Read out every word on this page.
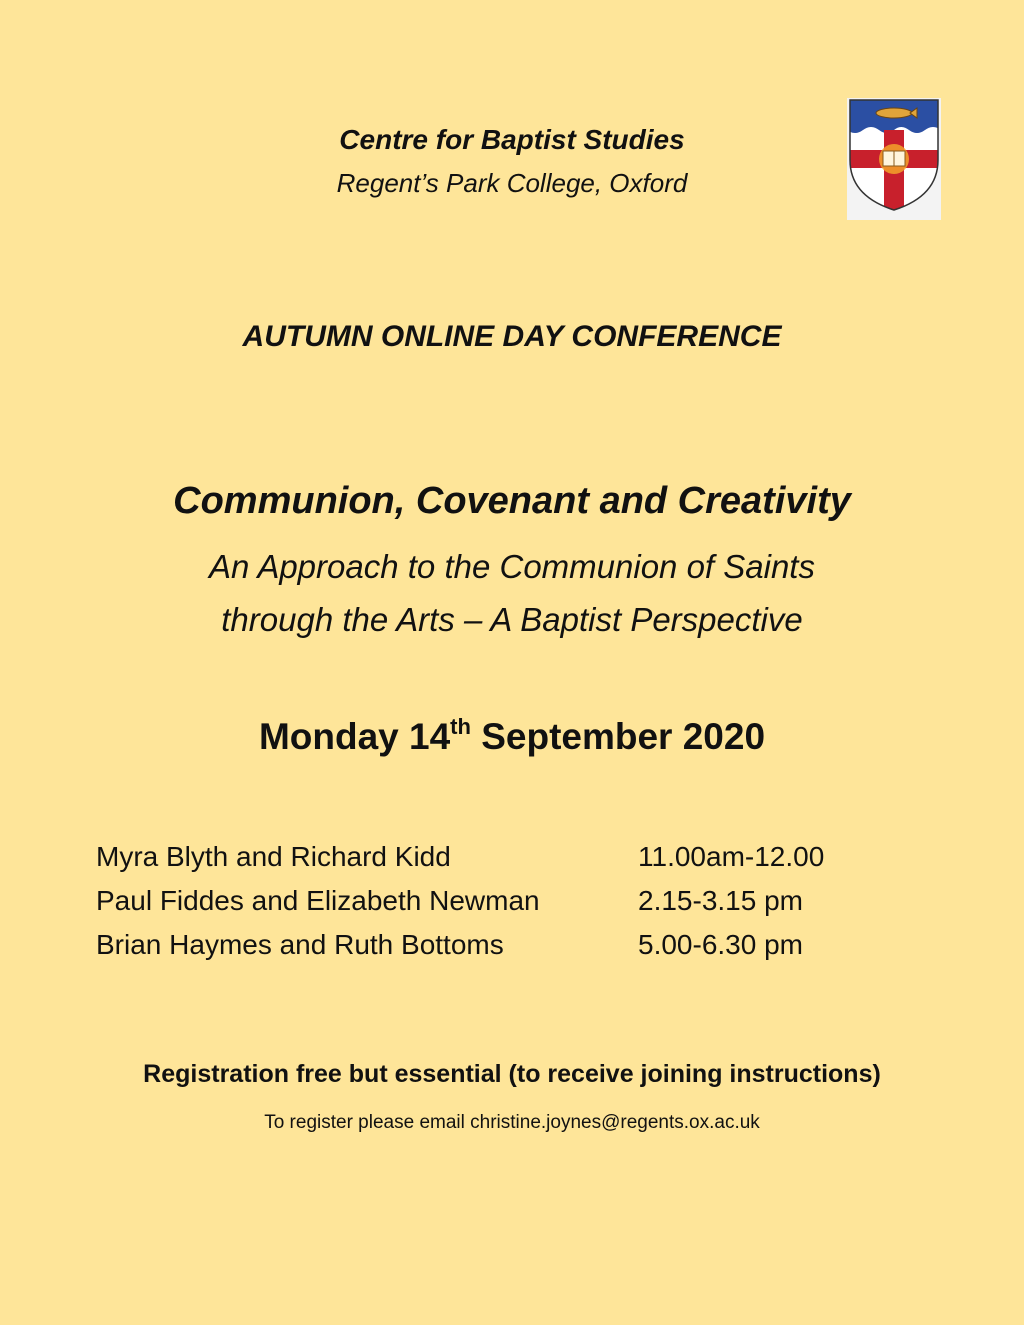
Centre for Baptist Studies
Regent’s Park College, Oxford
AUTUMN ONLINE DAY CONFERENCE
Communion, Covenant and Creativity
An Approach to the Communion of Saints
through the Arts – A Baptist Perspective
Monday 14th September 2020
Myra Blyth and Richard Kidd	11.00am-12.00
Paul Fiddes and Elizabeth Newman	2.15-3.15 pm
Brian Haymes and Ruth Bottoms	5.00-6.30 pm
Registration free but essential (to receive joining instructions)
To register please email christine.joynes@regents.ox.ac.uk
